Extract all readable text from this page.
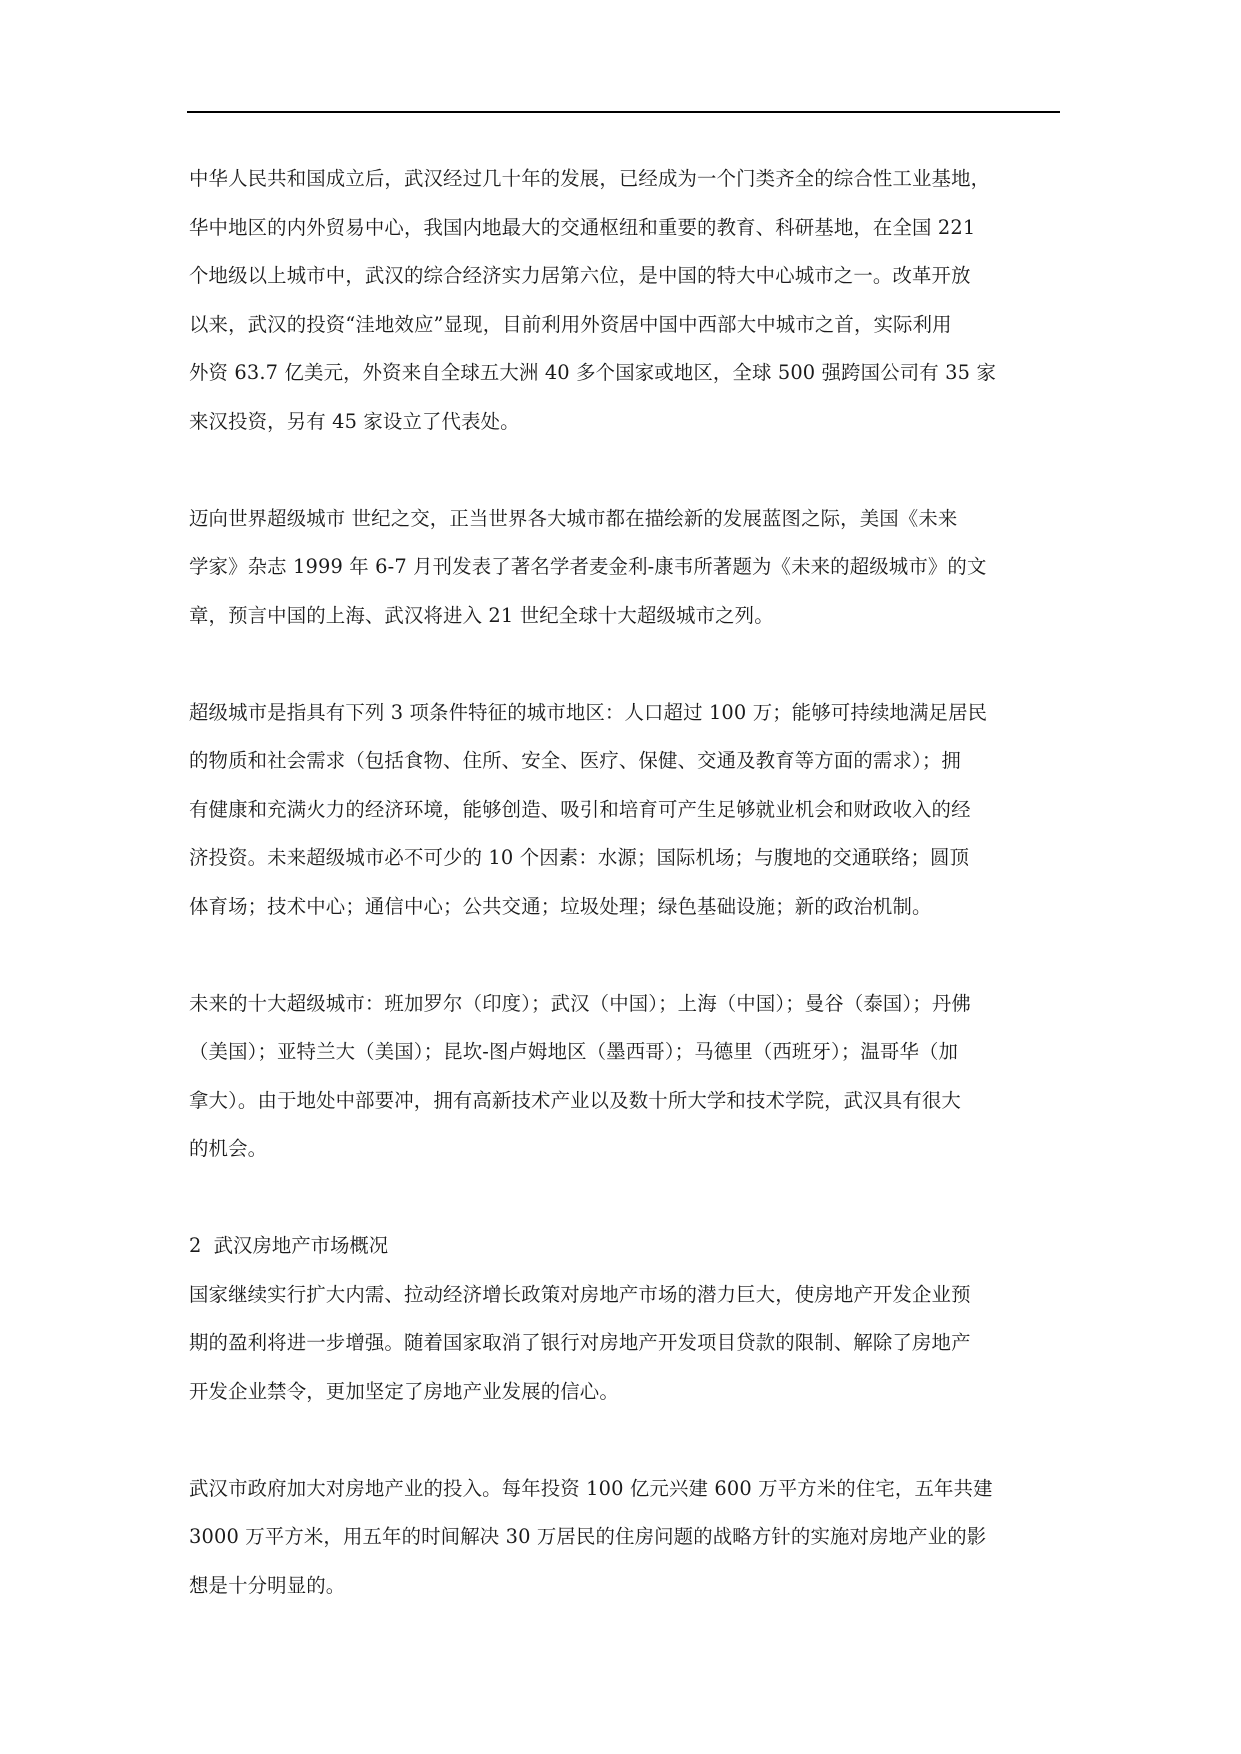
中华人民共和国成立后，武汉经过几十年的发展，已经成为一个门类齐全的综合性工业基地，
华中地区的内外贸易中心，我国内地最大的交通枢纽和重要的教育、科研基地，在全国 221
个地级以上城市中，武汉的综合经济实力居第六位，是中国的特大中心城市之一。改革开放
以来，武汉的投资“洼地效应”显现，目前利用外资居中国中西部大中城市之首，实际利用
外资 63.7 亿美元，外资来自全球五大洲 40 多个国家或地区，全球 500 强跨国公司有 35 家
来汉投资，另有 45 家设立了代表处。

迈向世界超级城市 世纪之交，正当世界各大城市都在描绘新的发展蓝图之际，美国《未来
学家》杂志 1999 年 6-7 月刊发表了著名学者麦金利-康韦所著题为《未来的超级城市》的文
章，预言中国的上海、武汉将进入 21 世纪全球十大超级城市之列。

超级城市是指具有下列 3 项条件特征的城市地区：人口超过 100 万；能够可持续地满足居民
的物质和社会需求（包括食物、住所、安全、医疗、保健、交通及教育等方面的需求）；拥
有健康和充满火力的经济环境，能够创造、吸引和培育可产生足够就业机会和财政收入的经
济投资。未来超级城市必不可少的 10 个因素：水源；国际机场；与腹地的交通联络；圆顶
体育场；技术中心；通信中心；公共交通；垃圾处理；绿色基础设施；新的政治机制。

未来的十大超级城市：班加罗尔（印度）；武汉（中国）；上海（中国）；曼谷（泰国）；丹佛
（美国）；亚特兰大（美国）；昆坎-图卢姆地区（墨西哥）；马德里（西班牙）；温哥华（加
拿大）。由于地处中部要冲，拥有高新技术产业以及数十所大学和技术学院，武汉具有很大
的机会。

2  武汉房地产市场概况

国家继续实行扩大内需、拉动经济增长政策对房地产市场的潜力巨大，使房地产开发企业预
期的盈利将进一步增强。随着国家取消了银行对房地产开发项目贷款的限制、解除了房地产
开发企业禁令，更加坚定了房地产业发展的信心。

武汉市政府加大对房地产业的投入。每年投资 100 亿元兴建 600 万平方米的住宅，五年共建
3000 万平方米，用五年的时间解决 30 万居民的住房问题的战略方针的实施对房地产业的影
想是十分明显的。
